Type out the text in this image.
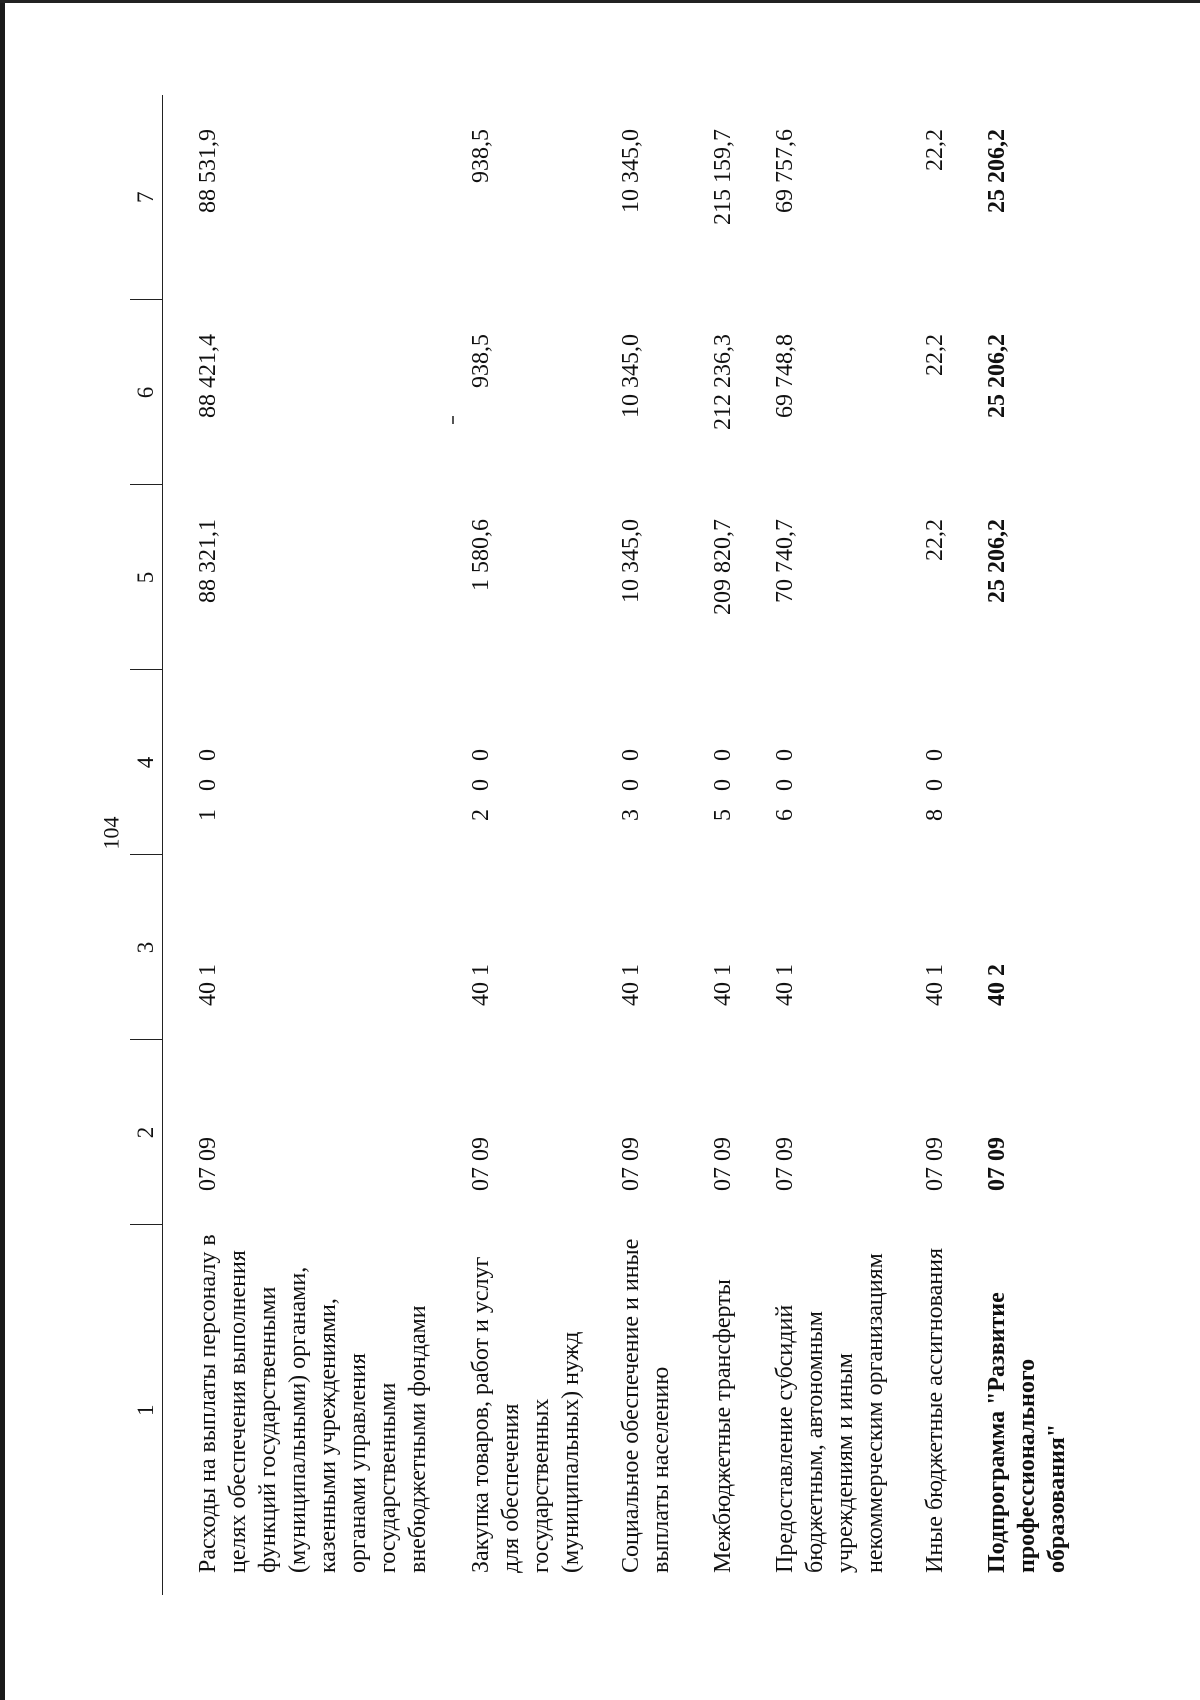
104
1	2	3	4	5	6	7
Расходы на выплаты персоналу в целях обеспечения выполнения функций государственными (муниципальными) органами, казенными учреждениями, органами управления государственными внебюджетными фондами	07 09	40 1	1 0 0	88 321,1	88 421,4	88 531,9
Закупка товаров, работ и услуг для обеспечения государственных (муниципальных) нужд	07 09	40 1	2 0 0	1 580,6	938,5	938,5
Социальное обеспечение и иные выплаты населению	07 09	40 1	3 0 0	10 345,0	10 345,0	10 345,0
Межбюджетные трансферты	07 09	40 1	5 0 0	209 820,7	212 236,3	215 159,7
Предоставление субсидий бюджетным, автономным учреждениям и иным некоммерческим организациям	07 09	40 1	6 0 0	70 740,7	69 748,8	69 757,6
Иные бюджетные ассигнования	07 09	40 1	8 0 0	22,2	22,2	22,2
Подпрограмма "Развитие профессионального образования"	07 09	40 2		25 206,2	25 206,2	25 206,2
